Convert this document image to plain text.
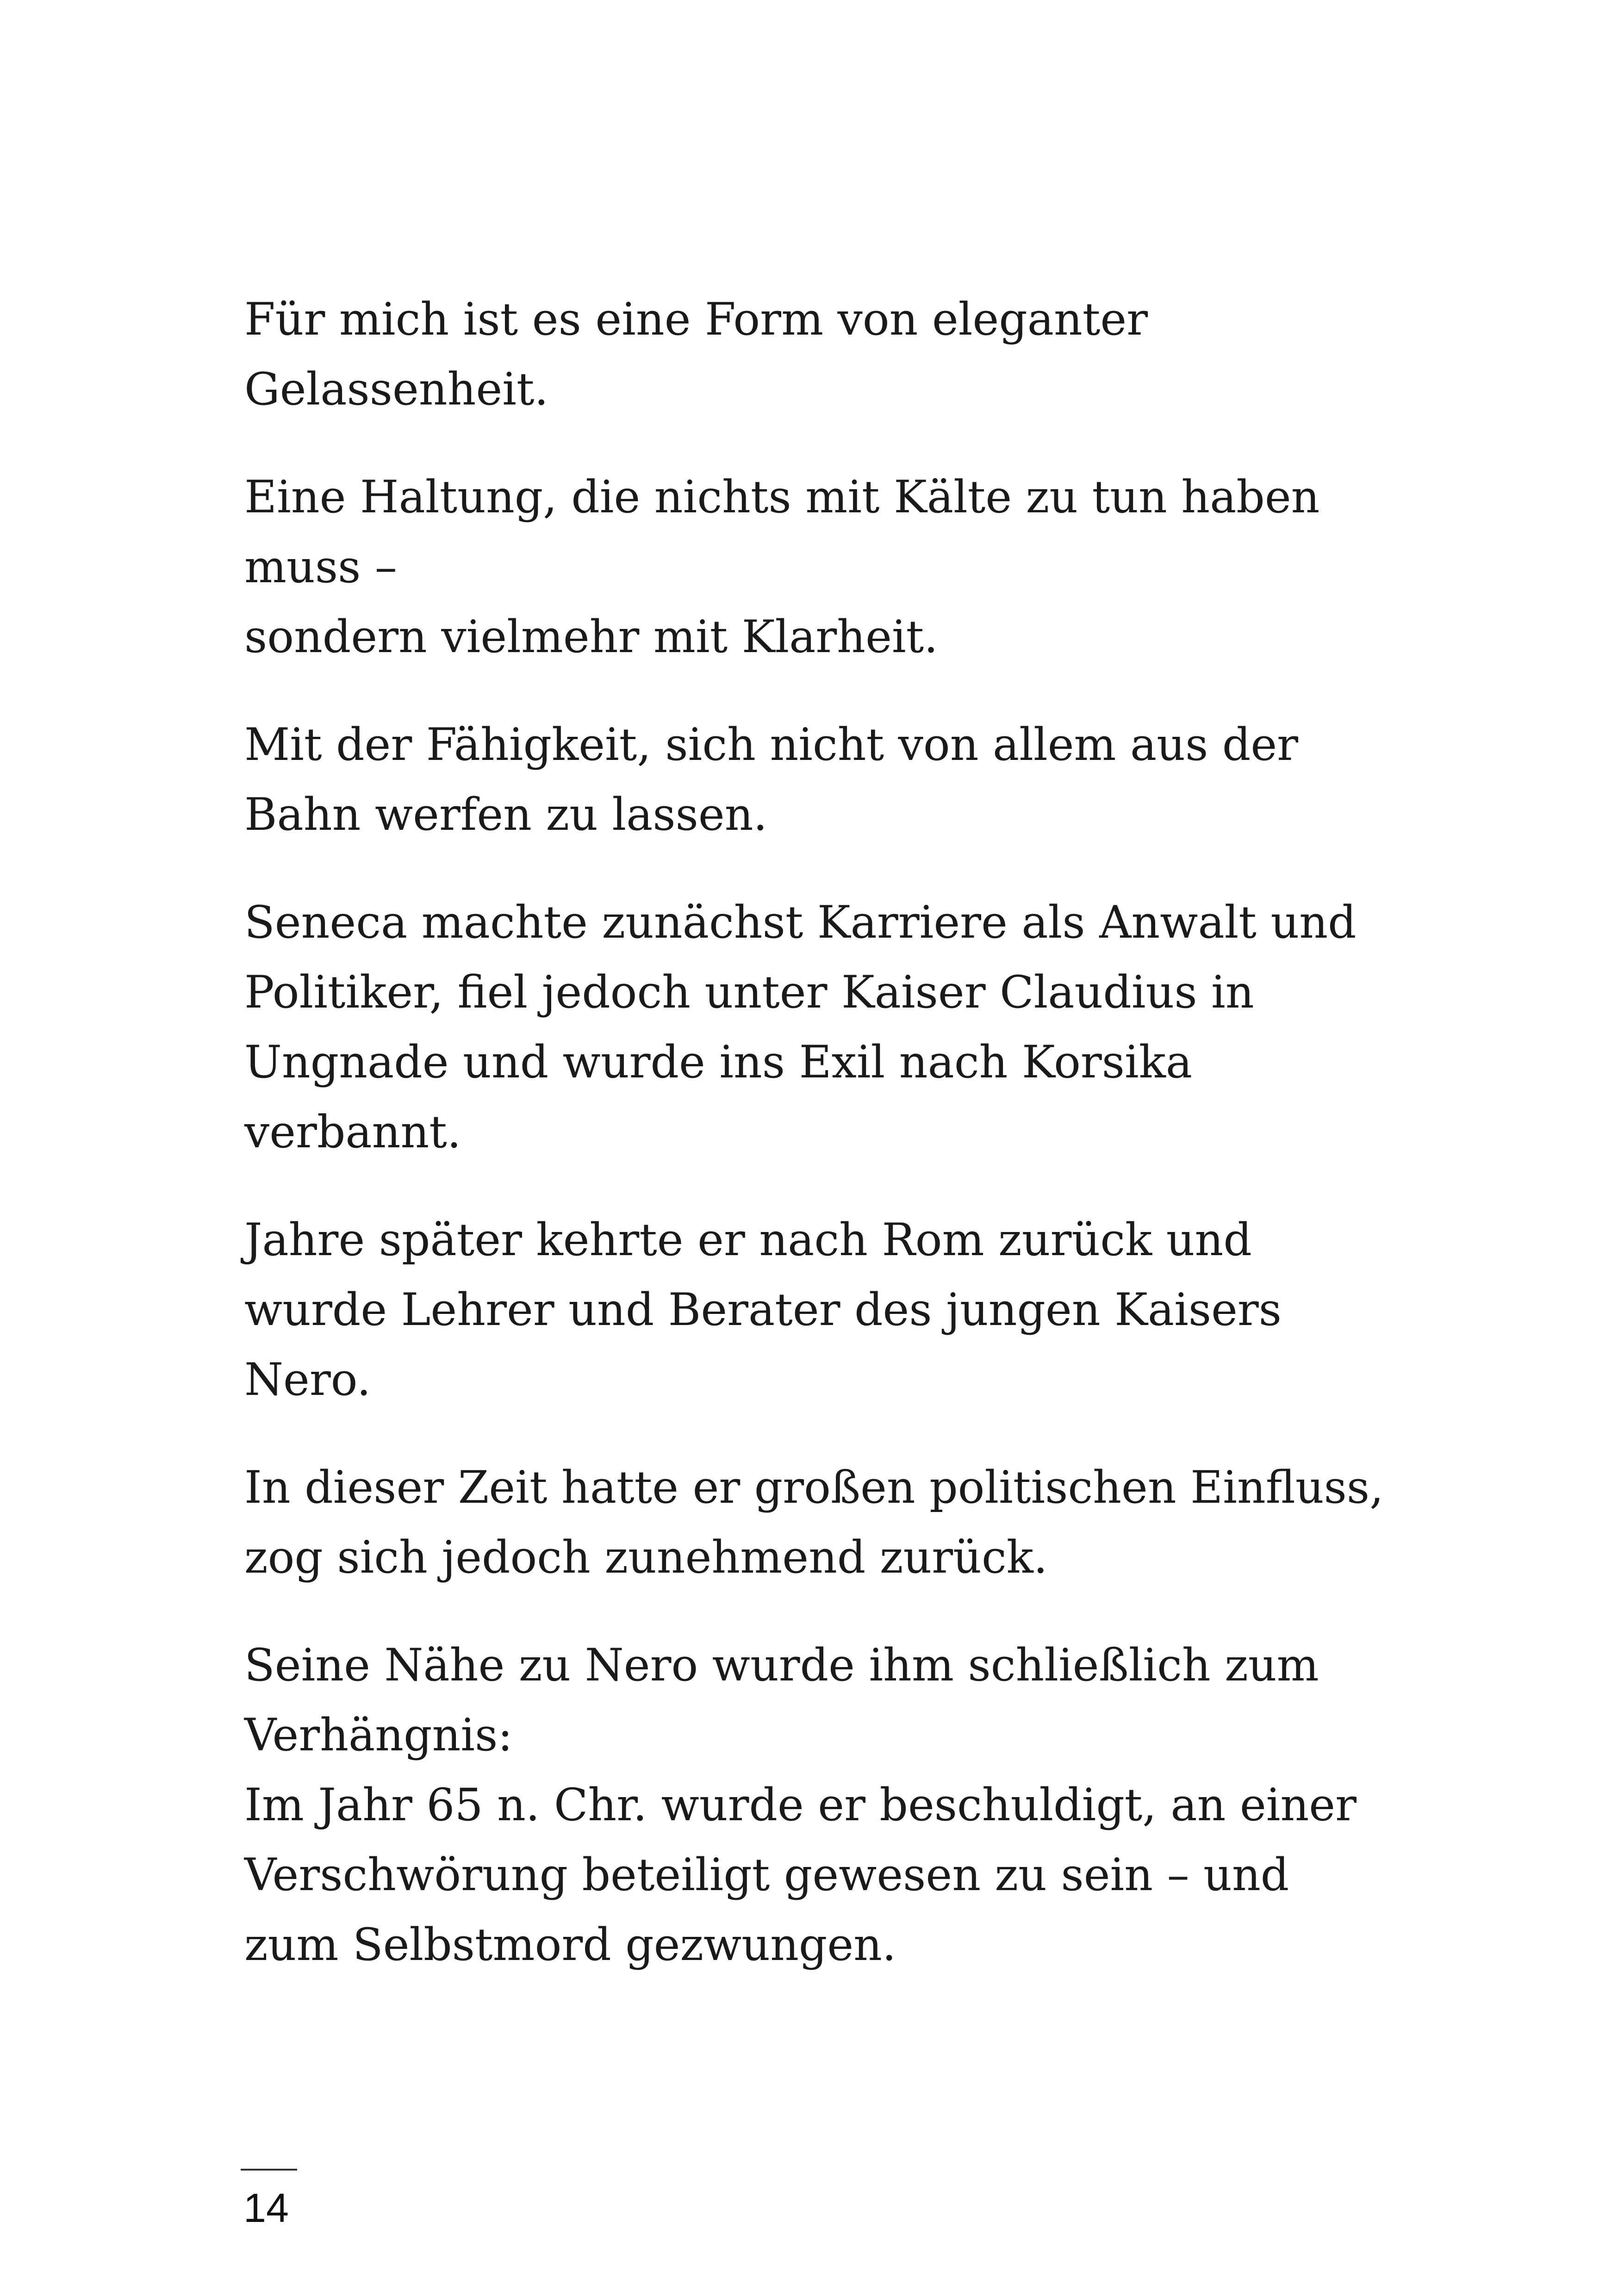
Für mich ist es eine Form von eleganter
Gelassenheit.

Eine Haltung, die nichts mit Kälte zu tun haben
muss –
sondern vielmehr mit Klarheit.

Mit der Fähigkeit, sich nicht von allem aus der
Bahn werfen zu lassen.

Seneca machte zunächst Karriere als Anwalt und
Politiker, fiel jedoch unter Kaiser Claudius in
Ungnade und wurde ins Exil nach Korsika
verbannt.

Jahre später kehrte er nach Rom zurück und
wurde Lehrer und Berater des jungen Kaisers
Nero.

In dieser Zeit hatte er großen politischen Einfluss,
zog sich jedoch zunehmend zurück.

Seine Nähe zu Nero wurde ihm schließlich zum
Verhängnis:
Im Jahr 65 n. Chr. wurde er beschuldigt, an einer
Verschwörung beteiligt gewesen zu sein – und
zum Selbstmord gezwungen.

14
